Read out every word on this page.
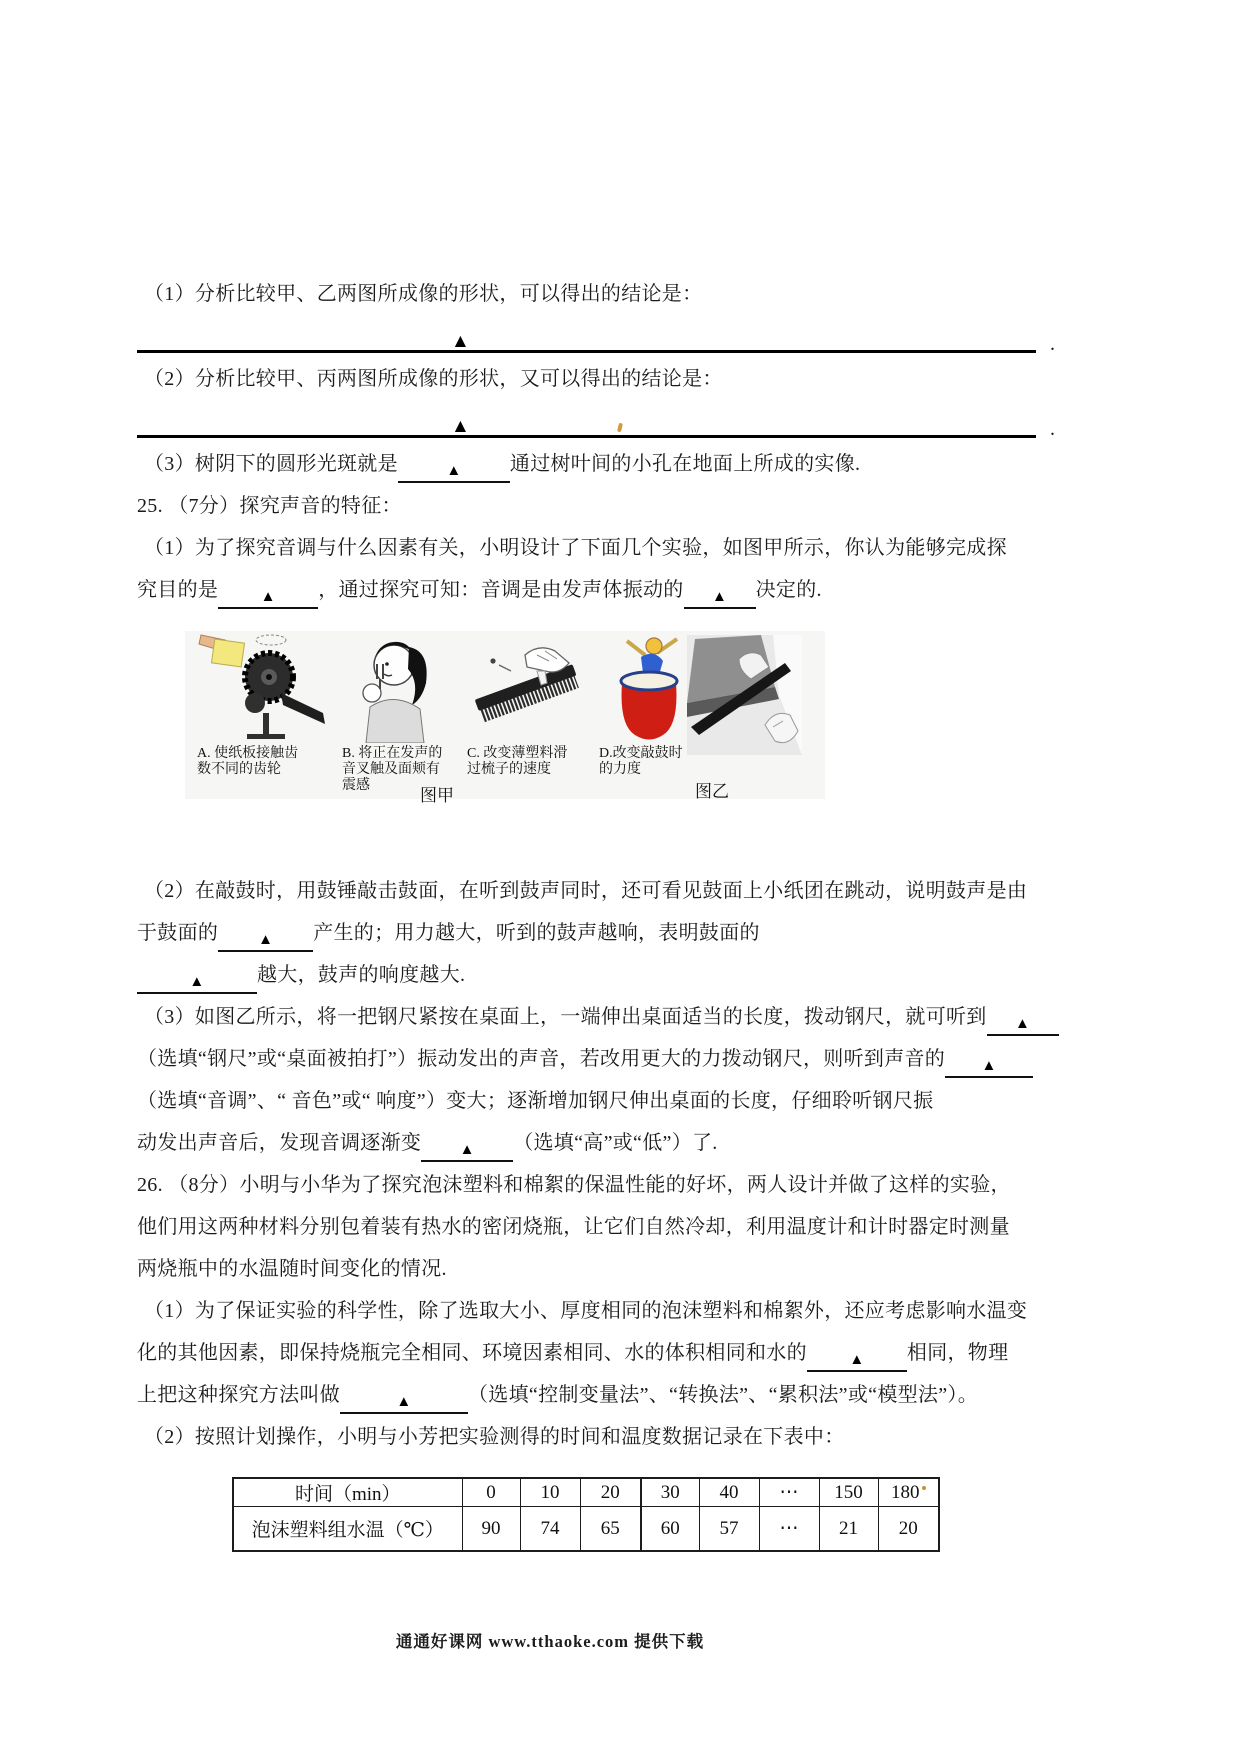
（1）分析比较甲、乙两图所成像的形状，可以得出的结论是：
▲	.
（2）分析比较甲、丙两图所成像的形状，又可以得出的结论是：
▲	.
（3）树阴下的圆形光斑就是	▲ 通过树叶间的小孔在地面上所成的实像.
25. （7分）探究声音的特征：
（1）为了探究音调与什么因素有关，小明设计了下面几个实验，如图甲所示，你认为能够完成探
究目的是	▲ ，通过探究可知：音调是由发声体振动的 ▲ 决定的.
A. 使纸板接触齿
数不同的齿轮
B. 将正在发声的
音叉触及面颊有
震感
C. 改变薄塑料滑
过梳子的速度
D.改变敲鼓时
的力度
图甲	图乙
（2）在敲鼓时，用鼓锤敲击鼓面，在听到鼓声同时，还可看见鼓面上小纸团在跳动，说明鼓声是由
于鼓面的	▲ 产生的；用力越大，听到的鼓声越响，表明鼓面的
▲	越大，鼓声的响度越大.
（3）如图乙所示，将一把钢尺紧按在桌面上，一端伸出桌面适当的长度，拨动钢尺，就可听到 ▲
（选填“钢尺”或“桌面被拍打”）振动发出的声音，若改用更大的力拨动钢尺，则听到声音的 ▲
（选填“音调”、“ 音色”或“ 响度”）变大；逐渐增加钢尺伸出桌面的长度，仔细聆听钢尺振
动发出声音后，发现音调逐渐变	▲ （选填“高”或“低”）了.
26. （8分）小明与小华为了探究泡沫塑料和棉絮的保温性能的好坏，两人设计并做了这样的实验，
他们用这两种材料分别包着装有热水的密闭烧瓶，让它们自然冷却，利用温度计和计时器定时测量
两烧瓶中的水温随时间变化的情况.
（1）为了保证实验的科学性，除了选取大小、厚度相同的泡沫塑料和棉絮外，还应考虑影响水温变
化的其他因素，即保持烧瓶完全相同、环境因素相同、水的体积相同和水的	▲ 相同，物理
上把这种探究方法叫做	▲	（选填“控制变量法”、“转换法”、“累积法”或“模型法”）。
（2）按照计划操作，小明与小芳把实验测得的时间和温度数据记录在下表中：
时间（min）	0	10	20	30	40	⋯	150	180
泡沫塑料组水温（℃）	90	74	65	60	57	⋯	21	20
通通好课网 www.tthaoke.com 提供下载
